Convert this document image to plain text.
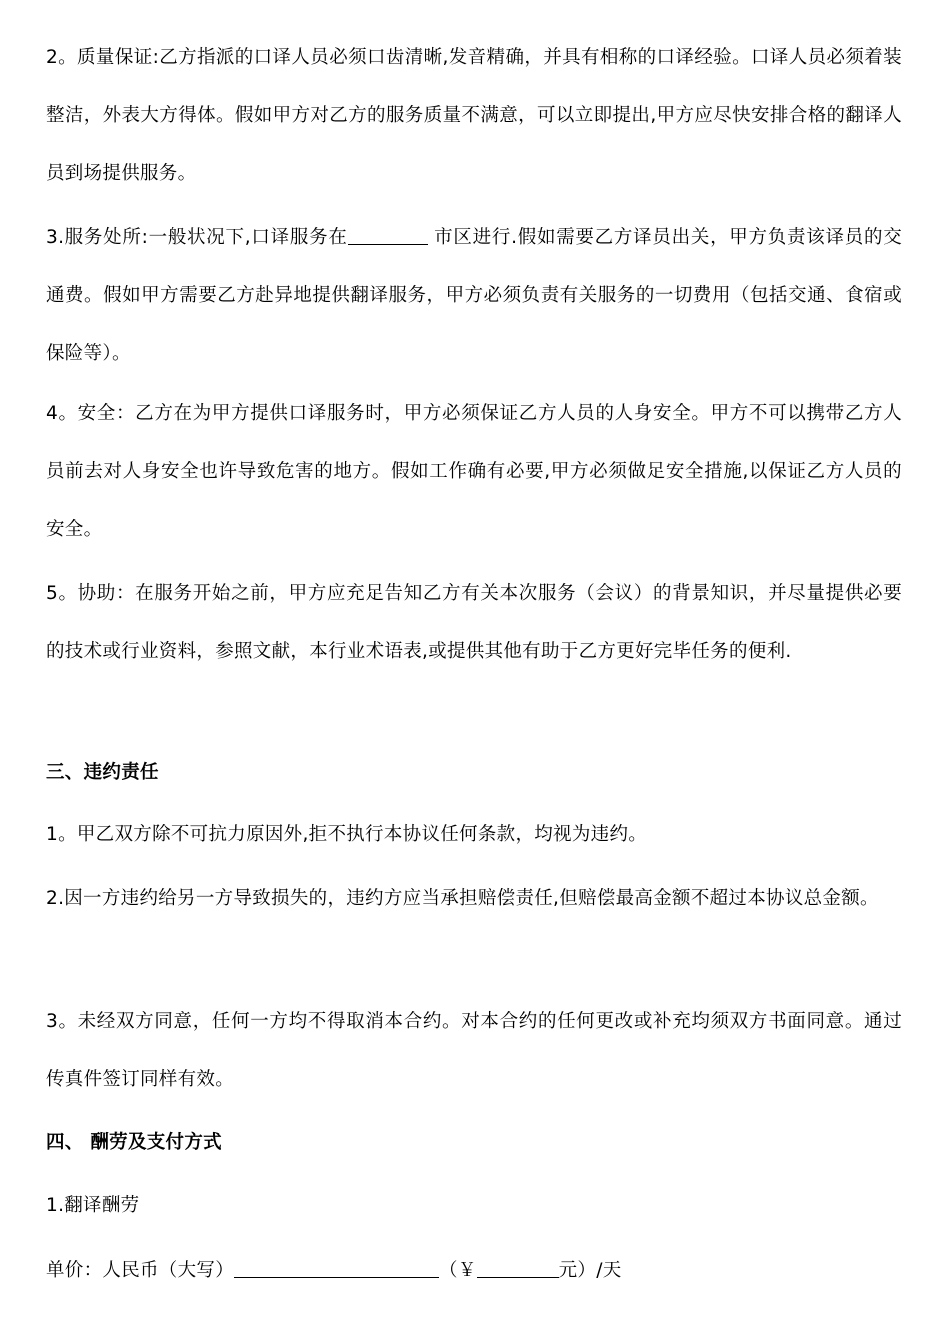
2。质量保证:乙方指派的口译人员必须口齿清晰,发音精确，并具有相称的口译经验。口译人员必须着装整洁，外表大方得体。假如甲方对乙方的服务质量不满意，可以立即提出,甲方应尽快安排合格的翻译人员到场提供服务。

3.服务处所:一般状况下,口译服务在	市区进行.假如需要乙方译员出关，甲方负责该译员的交通费。假如甲方需要乙方赴异地提供翻译服务，甲方必须负责有关服务的一切费用（包括交通、食宿或保险等）。

4。安全：乙方在为甲方提供口译服务时，甲方必须保证乙方人员的人身安全。甲方不可以携带乙方人员前去对人身安全也许导致危害的地方。假如工作确有必要,甲方必须做足安全措施,以保证乙方人员的安全。

5。协助：在服务开始之前，甲方应充足告知乙方有关本次服务（会议）的背景知识，并尽量提供必要的技术或行业资料，参照文献，本行业术语表,或提供其他有助于乙方更好完毕任务的便利.

三、违约责任

1。甲乙双方除不可抗力原因外,拒不执行本协议任何条款，均视为违约。

2.因一方违约给另一方导致损失的，违约方应当承担赔偿责任,但赔偿最高金额不超过本协议总金额。

3。未经双方同意，任何一方均不得取消本合约。对本合约的任何更改或补充均须双方书面同意。通过传真件签订同样有效。

四、 酬劳及支付方式

1.翻译酬劳

单价：人民币（大写）	（￥	元）/天
